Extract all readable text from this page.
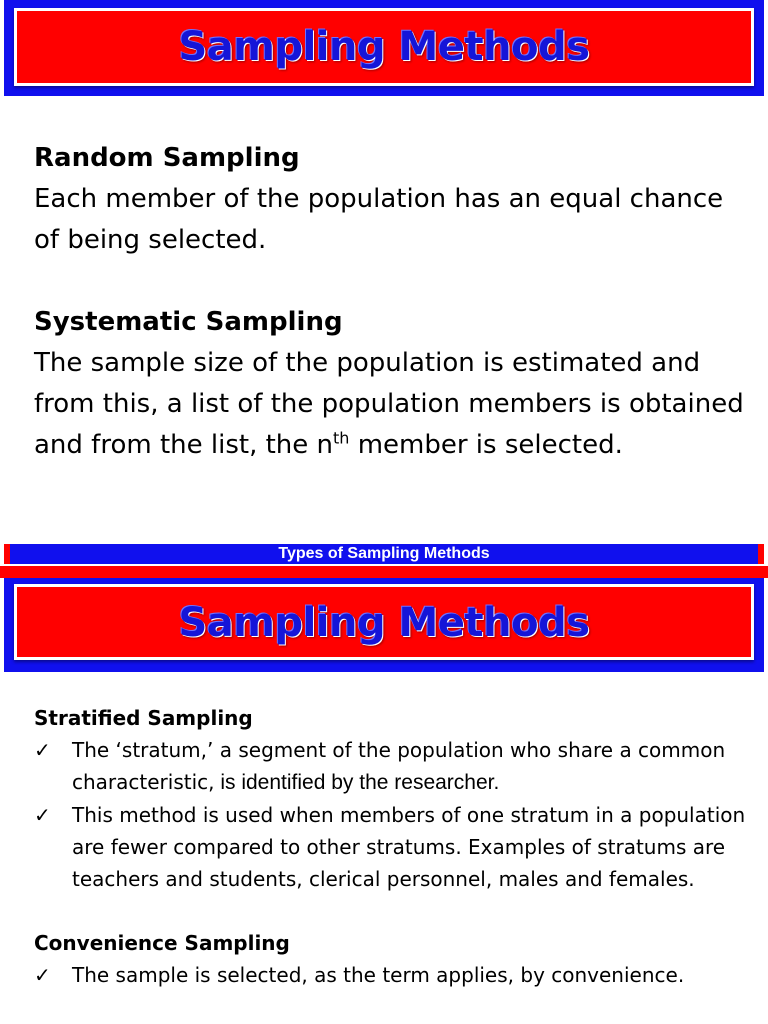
Sampling Methods
Random Sampling
Each member of the population has an equal chance of being selected.
Systematic Sampling
The sample size of the population is estimated and from this, a list of the population members is obtained and from the list, the $n^{th}$ member is selected.
Types of Sampling Methods
Sampling Methods
Stratified Sampling
✓ The ‘stratum,’ a segment of the population who share a common characteristic, is identified by the researcher.
✓ This method is used when members of one stratum in a population are fewer compared to other stratums. Examples of stratums are teachers and students, clerical personnel, males and females.
Convenience Sampling
✓ The sample is selected, as the term applies, by convenience.
